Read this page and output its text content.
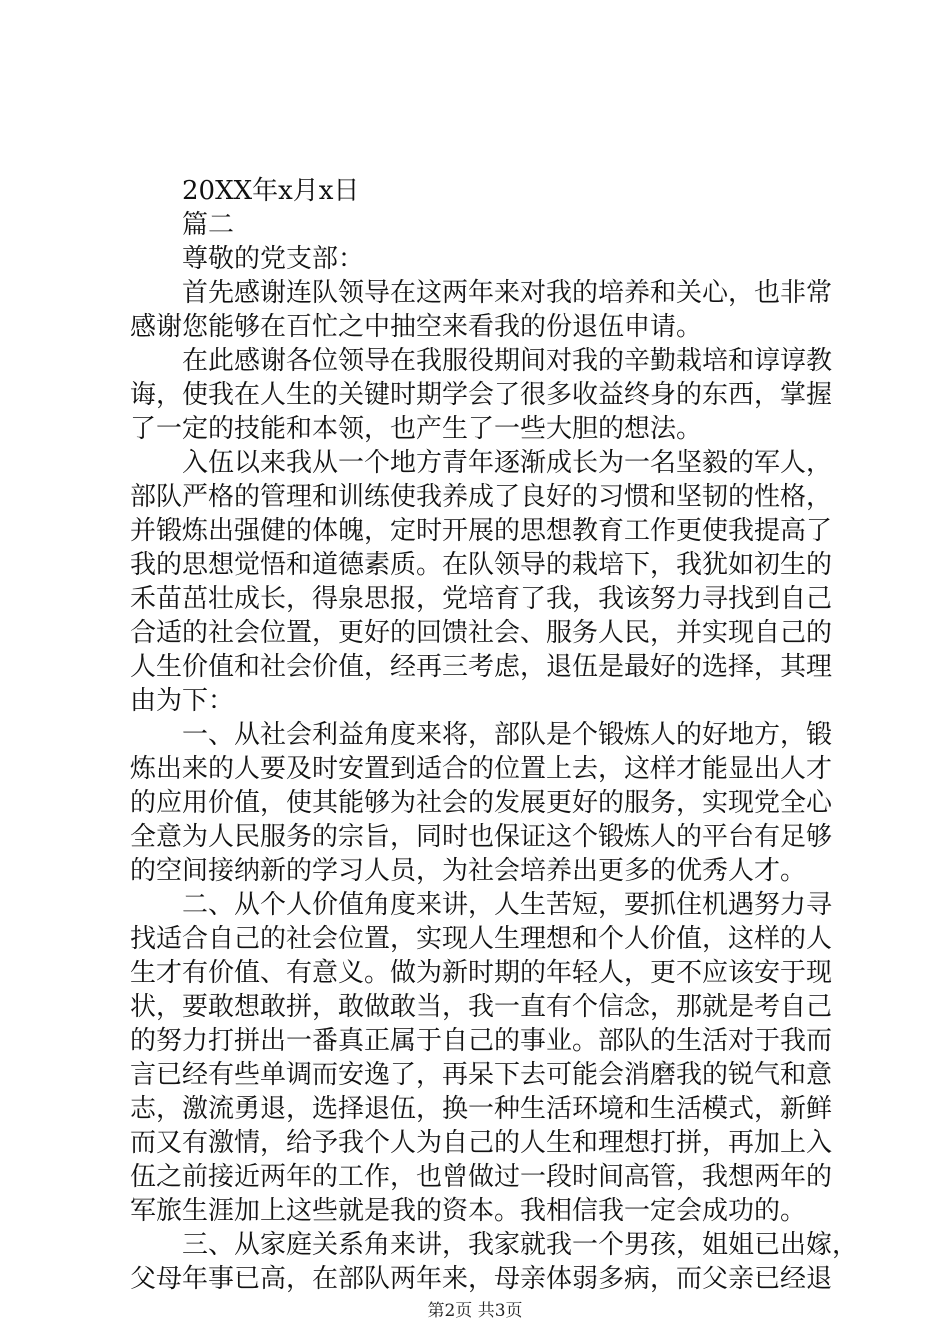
　　20XX年x月x日
　　篇二
　　尊敬的党支部：
　　首先感谢连队领导在这两年来对我的培养和关心，也非常
感谢您能够在百忙之中抽空来看我的份退伍申请。
　　在此感谢各位领导在我服役期间对我的辛勤栽培和谆谆教
诲，使我在人生的关键时期学会了很多收益终身的东西，掌握
了一定的技能和本领，也产生了一些大胆的想法。
　　入伍以来我从一个地方青年逐渐成长为一名坚毅的军人，
部队严格的管理和训练使我养成了良好的习惯和坚韧的性格，
并锻炼出强健的体魄，定时开展的思想教育工作更使我提高了
我的思想觉悟和道德素质。在队领导的栽培下，我犹如初生的
禾苗茁壮成长，得泉思报，党培育了我，我该努力寻找到自己
合适的社会位置，更好的回馈社会、服务人民，并实现自己的
人生价值和社会价值，经再三考虑，退伍是最好的选择，其理
由为下：
　　一、从社会利益角度来将，部队是个锻炼人的好地方，锻
炼出来的人要及时安置到适合的位置上去，这样才能显出人才
的应用价值，使其能够为社会的发展更好的服务，实现党全心
全意为人民服务的宗旨，同时也保证这个锻炼人的平台有足够
的空间接纳新的学习人员，为社会培养出更多的优秀人才。
　　二、从个人价值角度来讲，人生苦短，要抓住机遇努力寻
找适合自己的社会位置，实现人生理想和个人价值，这样的人
生才有价值、有意义。做为新时期的年轻人，更不应该安于现
状，要敢想敢拼，敢做敢当，我一直有个信念，那就是考自己
的努力打拼出一番真正属于自己的事业。部队的生活对于我而
言已经有些单调而安逸了，再呆下去可能会消磨我的锐气和意
志，激流勇退，选择退伍，换一种生活环境和生活模式，新鲜
而又有激情，给予我个人为自己的人生和理想打拼，再加上入
伍之前接近两年的工作，也曾做过一段时间高管，我想两年的
军旅生涯加上这些就是我的资本。我相信我一定会成功的。
　　三、从家庭关系角来讲，我家就我一个男孩，姐姐已出嫁，
父母年事已高，在部队两年来，母亲体弱多病，而父亲已经退
第2页 共3页
